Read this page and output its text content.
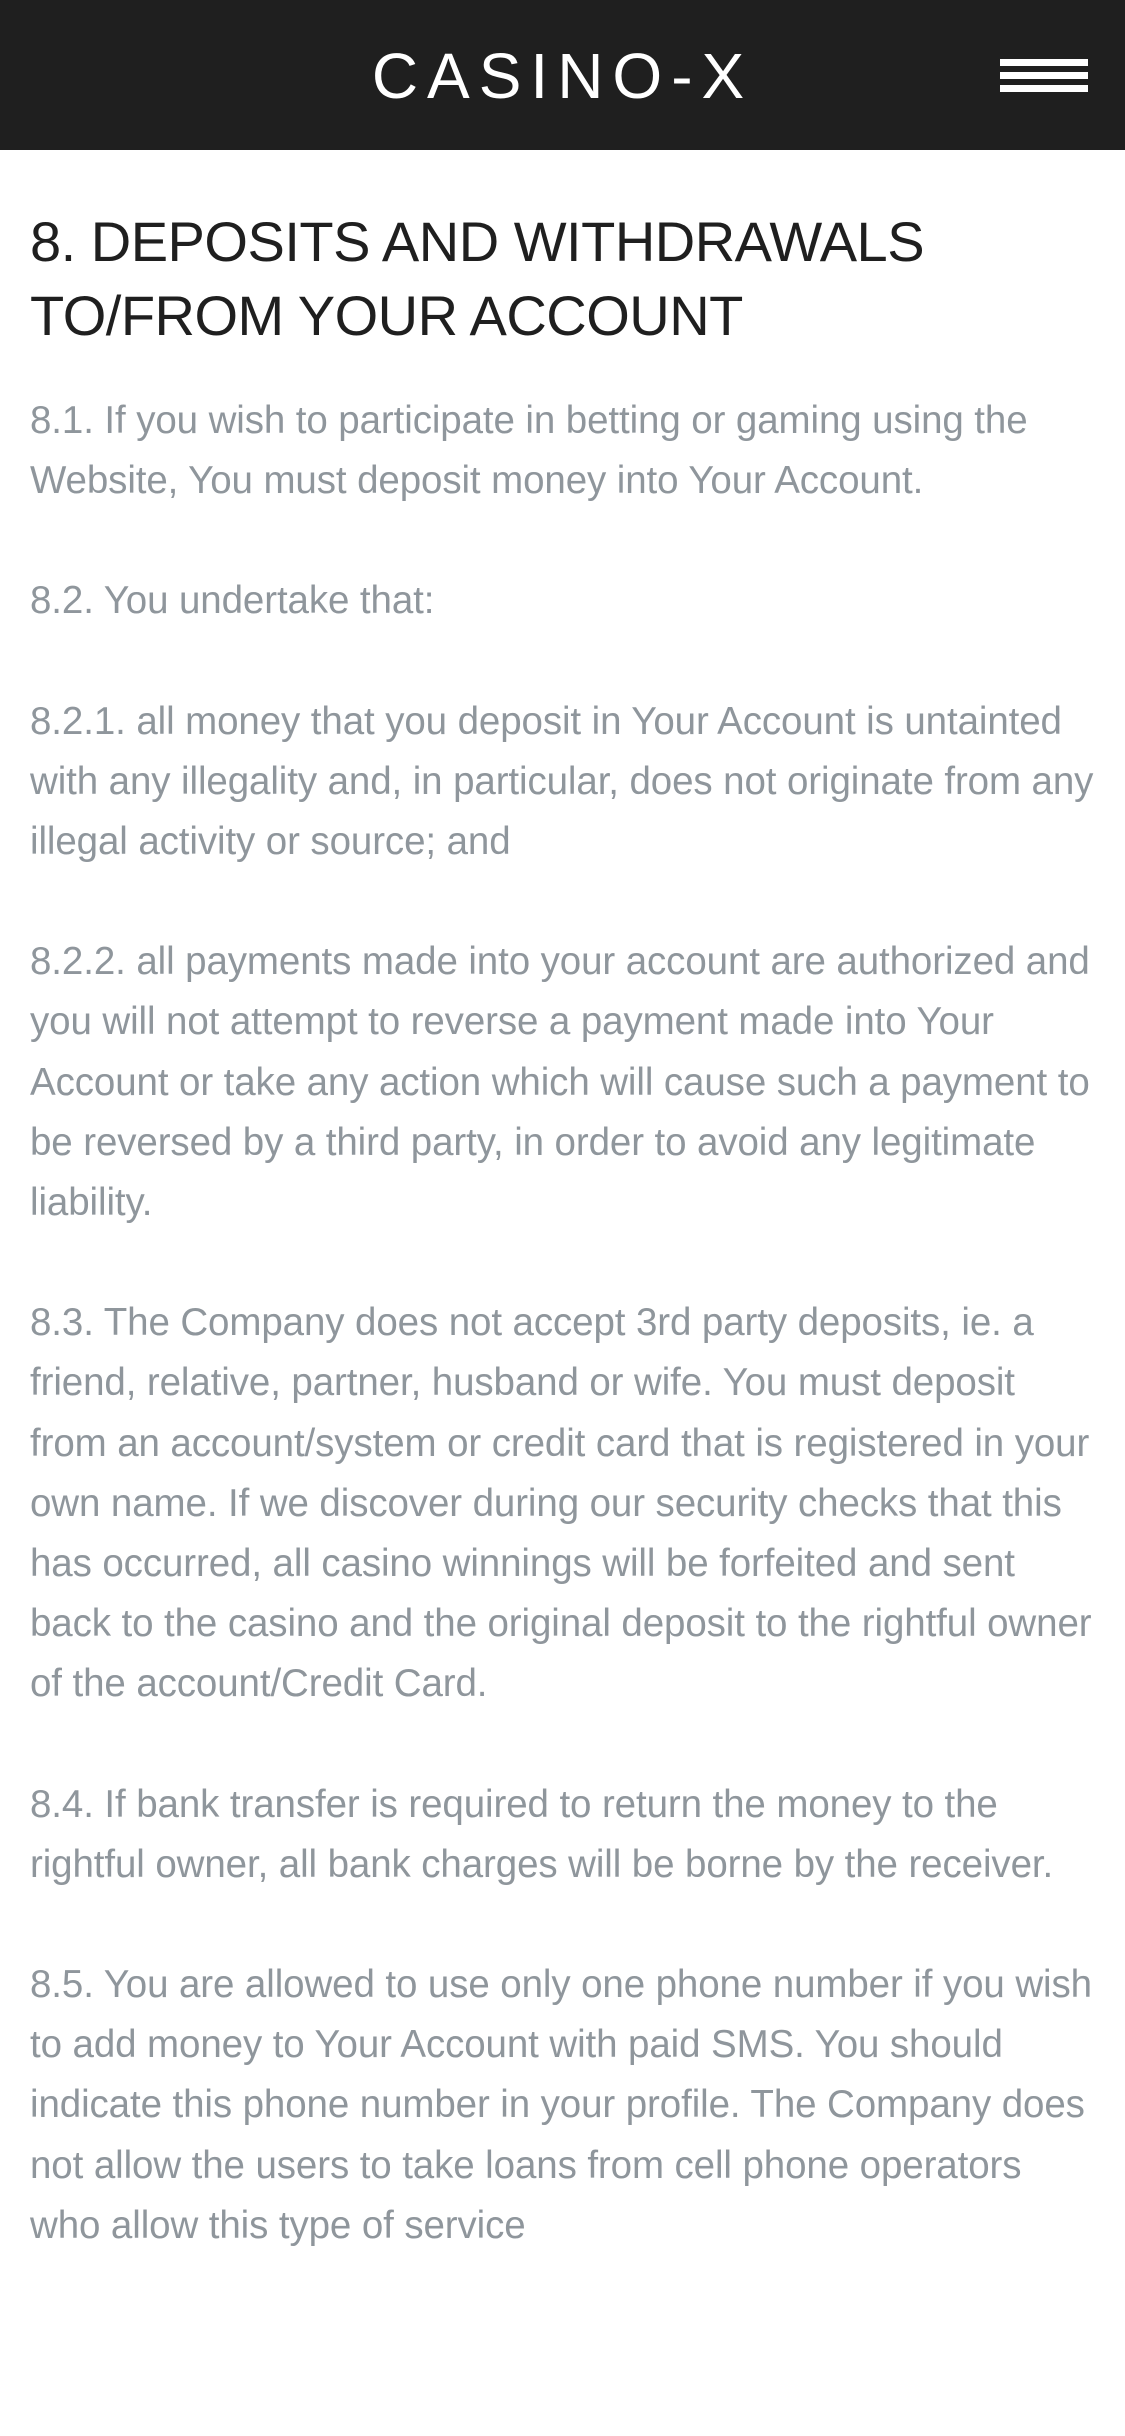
CASINO-X
8. DEPOSITS AND WITHDRAWALS TO/FROM YOUR ACCOUNT

8.1. If you wish to participate in betting or gaming using the Website, You must deposit money into Your Account.

8.2. You undertake that:

8.2.1. all money that you deposit in Your Account is untainted with any illegality and, in particular, does not originate from any illegal activity or source; and

8.2.2. all payments made into your account are authorized and you will not attempt to reverse a payment made into Your Account or take any action which will cause such a payment to be reversed by a third party, in order to avoid any legitimate liability.

8.3. The Company does not accept 3rd party deposits, ie. a friend, relative, partner, husband or wife. You must deposit from an account/system or credit card that is registered in your own name. If we discover during our security checks that this has occurred, all casino winnings will be forfeited and sent back to the casino and the original deposit to the rightful owner of the account/Credit Card.

8.4. If bank transfer is required to return the money to the rightful owner, all bank charges will be borne by the receiver.

8.5. You are allowed to use only one phone number if you wish to add money to Your Account with paid SMS. You should indicate this phone number in your profile. The Company does not allow the users to take loans from cell phone operators who allow this type of service
